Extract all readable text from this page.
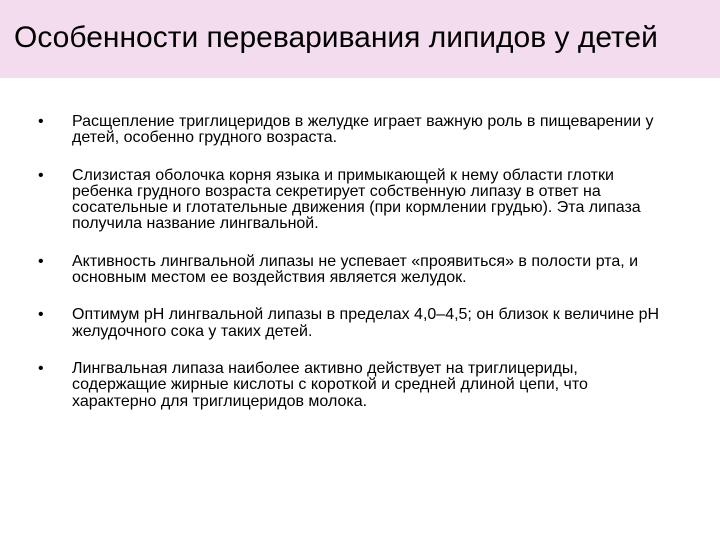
Особенности переваривания липидов у детей
• Расщепление триглицеридов в желудке играет важную роль в пищеварении у детей, особенно грудного возраста.
• Слизистая оболочка корня языка и примыкающей к нему области глотки ребенка грудного возраста секретирует собственную липазу в ответ на сосательные и глотательные движения (при кормлении грудью). Эта липаза получила название лингвальной.
• Активность лингвальной липазы не успевает «проявиться» в полости рта, и основным местом ее воздействия является желудок.
• Оптимум pH лингвальной липазы в пределах 4,0–4,5; он близок к величине pH желудочного сока у таких детей.
• Лингвальная липаза наиболее активно действует на триглицериды, содержащие жирные кислоты с короткой и средней длиной цепи, что характерно для триглицеридов молока.
